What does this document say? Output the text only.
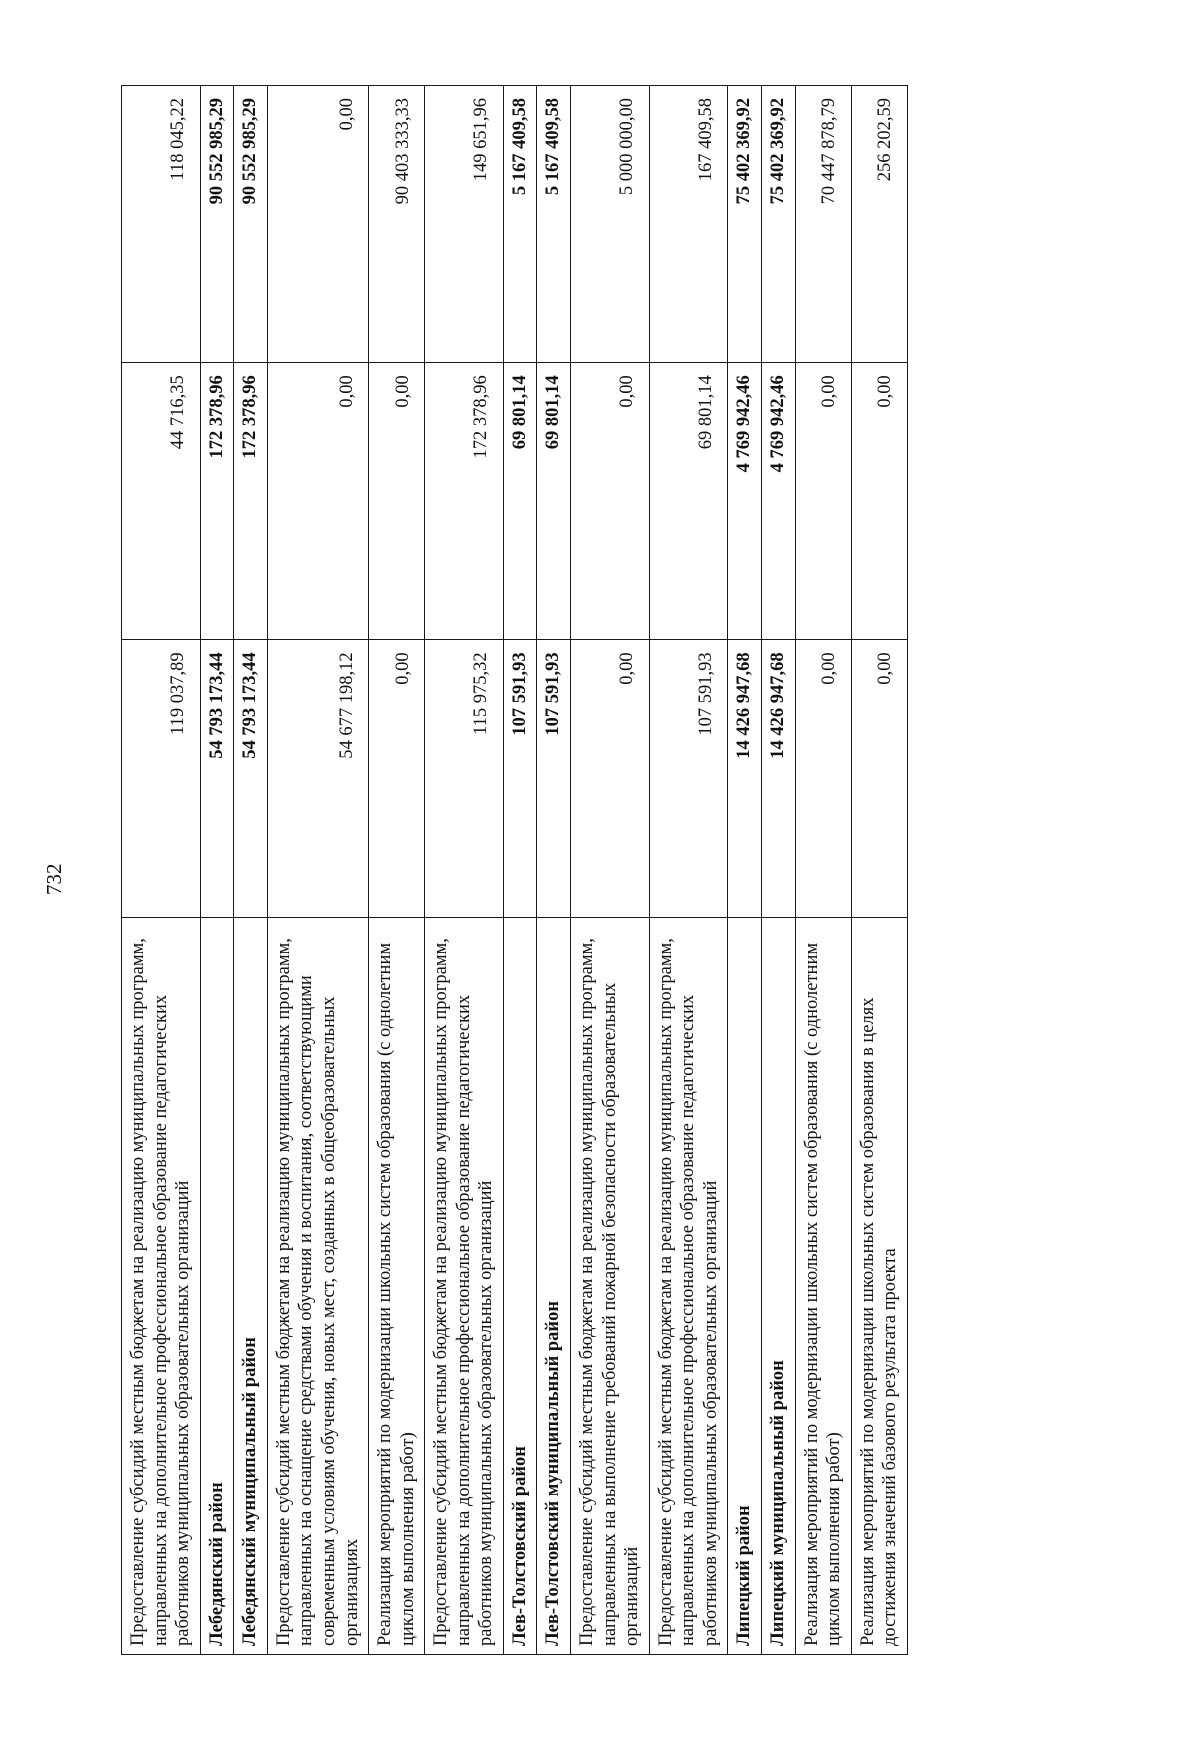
732
Предоставление субсидий местным бюджетам на реализацию муниципальных программ, направленных на дополнительное профессиональное образование педагогических работников муниципальных образовательных организаций	119 037,89	44 716,35	118 045,22
Лебедянский район	54 793 173,44	172 378,96	90 552 985,29
Лебедянский муниципальный район	54 793 173,44	172 378,96	90 552 985,29
Предоставление субсидий местным бюджетам на реализацию муниципальных программ, направленных на оснащение средствами обучения и воспитания, соответствующими современным условиям обучения, новых мест, созданных в общеобразовательных организациях	54 677 198,12	0,00	0,00
Реализация мероприятий по модернизации школьных систем образования (с однолетним циклом выполнения работ)	0,00	0,00	90 403 333,33
Предоставление субсидий местным бюджетам на реализацию муниципальных программ, направленных на дополнительное профессиональное образование педагогических работников муниципальных образовательных организаций	115 975,32	172 378,96	149 651,96
Лев-Толстовский район	107 591,93	69 801,14	5 167 409,58
Лев-Толстовский муниципальный район	107 591,93	69 801,14	5 167 409,58
Предоставление субсидий местным бюджетам на реализацию муниципальных программ, направленных на выполнение требований пожарной безопасности образовательных организаций	0,00	0,00	5 000 000,00
Предоставление субсидий местным бюджетам на реализацию муниципальных программ, направленных на дополнительное профессиональное образование педагогических работников муниципальных образовательных организаций	107 591,93	69 801,14	167 409,58
Липецкий район	14 426 947,68	4 769 942,46	75 402 369,92
Липецкий муниципальный район	14 426 947,68	4 769 942,46	75 402 369,92
Реализация мероприятий по модернизации школьных систем образования (с однолетним циклом выполнения работ)	0,00	0,00	70 447 878,79
Реализация мероприятий по модернизации школьных систем образования в целях достижения значений базового результата проекта	0,00	0,00	256 202,59
